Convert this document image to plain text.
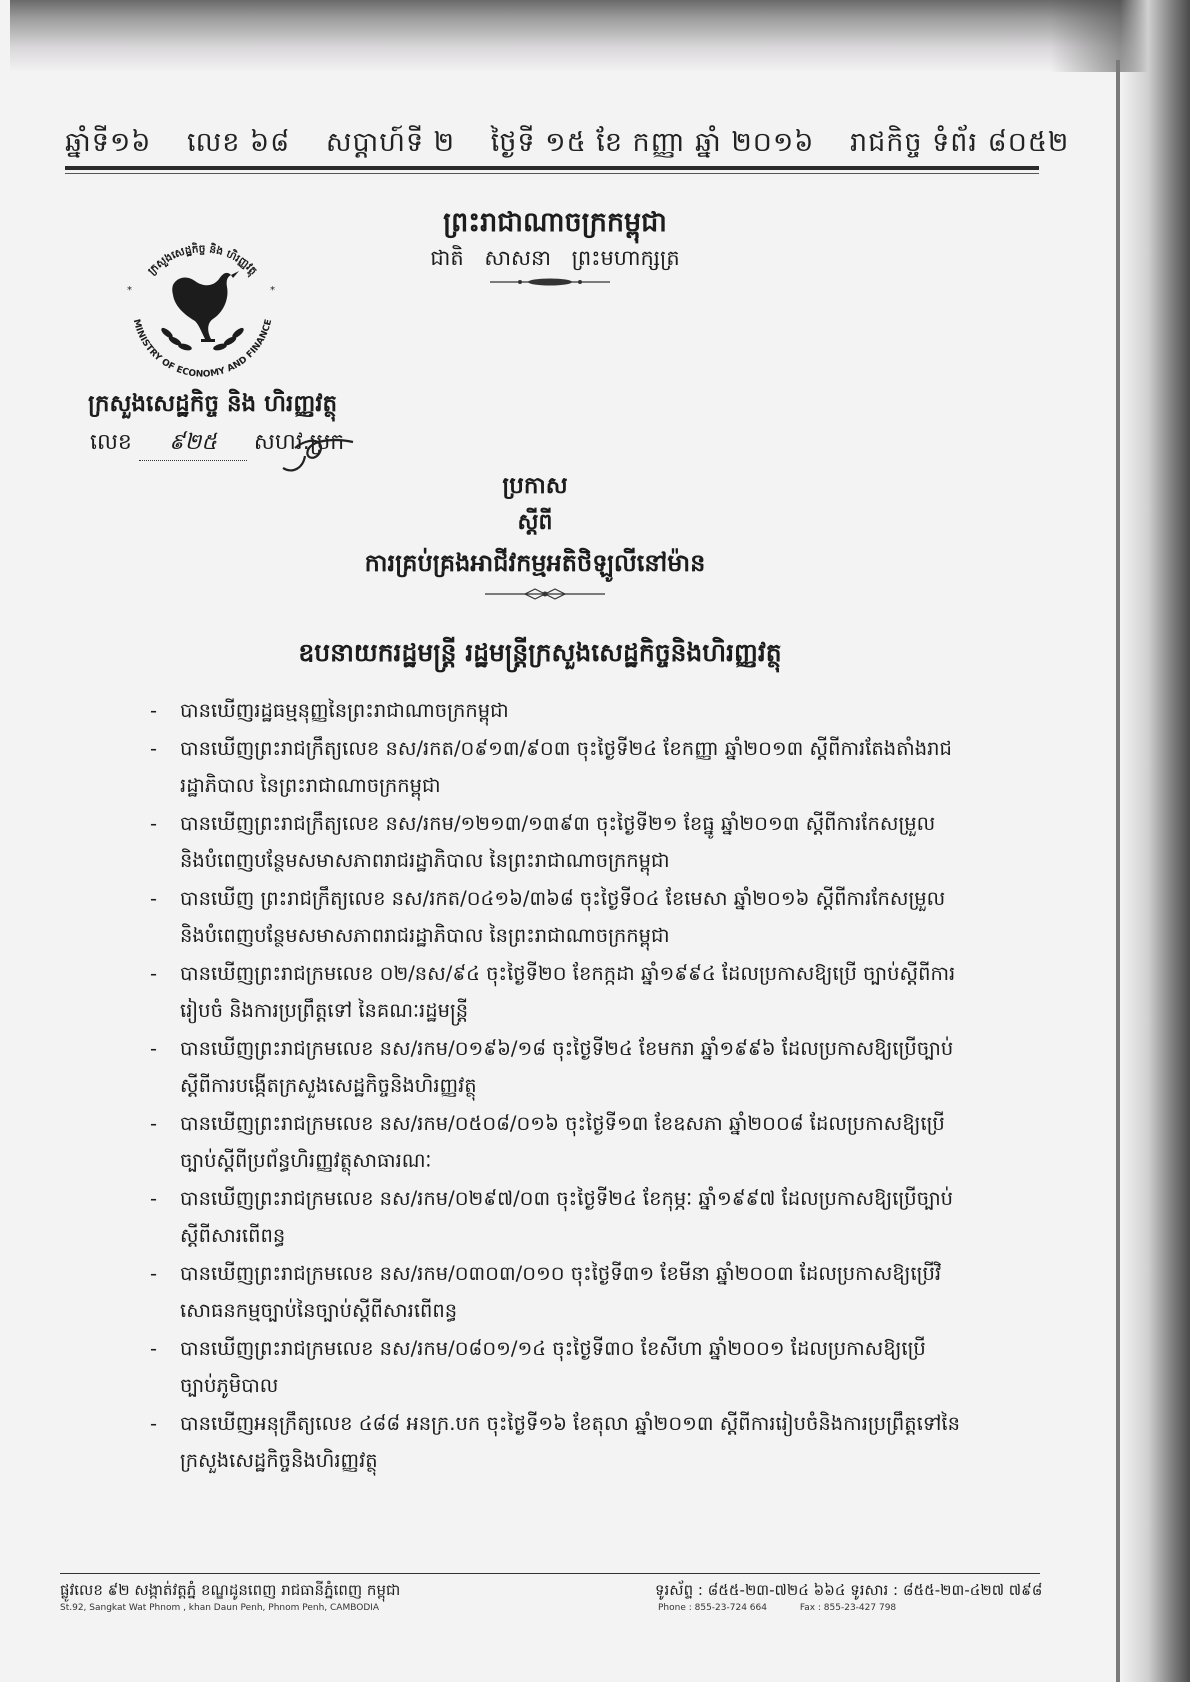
ឆ្នាំទី១៦ លេខ ៦៨ សប្តាហ៍ទី ២ ថ្ងៃទី ១៥ ខែ កញ្ញា ឆ្នាំ ២០១៦ រាជកិច្ច ទំព័រ ៨០៥២
ព្រះរាជាណាចក្រកម្ពុជា
ជាតិ សាសនា ព្រះមហាក្សត្រ
ក្រសួងសេដ្ឋកិច្ច និង ហិរញ្ញវត្ថុ
MINISTRY OF ECONOMY AND FINANCE
*	*
ក្រសួងសេដ្ឋកិច្ច និង ហិរញ្ញវត្ថុ
លេខ ៩២៥ សហវ.ប្រក
ប្រកាស
ស្តីពី
ការគ្រប់គ្រងអាជីវកម្មអតិថិឡូលីនៅម៉ាន
ឧបនាយករដ្ឋមន្ត្រី រដ្ឋមន្ត្រីក្រសួងសេដ្ឋកិច្ចនិងហិរញ្ញវត្ថុ
- បានឃើញរដ្ឋធម្មនុញ្ញនៃព្រះរាជាណាចក្រកម្ពុជា
- បានឃើញព្រះរាជក្រឹត្យលេខ នស/រកត/០៩១៣/៩០៣ ចុះថ្ងៃទី២៤ ខែកញ្ញា ឆ្នាំ២០១៣ ស្តីពីការតែងតាំងរាជរដ្ឋាភិបាល នៃព្រះរាជាណាចក្រកម្ពុជា
- បានឃើញព្រះរាជក្រឹត្យលេខ នស/រកម/១២១៣/១៣៩៣ ចុះថ្ងៃទី២១ ខែធ្នូ ឆ្នាំ២០១៣ ស្តីពីការកែសម្រួល និងបំពេញបន្ថែមសមាសភាពរាជរដ្ឋាភិបាល នៃព្រះរាជាណាចក្រកម្ពុជា
- បានឃើញ ព្រះរាជក្រឹត្យលេខ នស/រកត/០៤១៦/៣៦៨ ចុះថ្ងៃទី០៤ ខែមេសា ឆ្នាំ២០១៦ ស្តីពីការកែសម្រួលនិងបំពេញបន្ថែមសមាសភាពរាជរដ្ឋាភិបាល នៃព្រះរាជាណាចក្រកម្ពុជា
- បានឃើញព្រះរាជក្រមលេខ ០២/នស/៩៤ ចុះថ្ងៃទី២០ ខែកក្កដា ឆ្នាំ១៩៩៤ ដែលប្រកាសឱ្យប្រើ ច្បាប់ស្តីពីការរៀបចំ និងការប្រព្រឹត្តទៅ នៃគណៈរដ្ឋមន្ត្រី
- បានឃើញព្រះរាជក្រមលេខ នស/រកម/០១៩៦/១៨ ចុះថ្ងៃទី២៤ ខែមករា ឆ្នាំ១៩៩៦ ដែលប្រកាសឱ្យប្រើច្បាប់ស្តីពីការបង្កើតក្រសួងសេដ្ឋកិច្ចនិងហិរញ្ញវត្ថុ
- បានឃើញព្រះរាជក្រមលេខ នស/រកម/០៥០៨/០១៦ ចុះថ្ងៃទី១៣ ខែឧសភា ឆ្នាំ២០០៨ ដែលប្រកាសឱ្យប្រើច្បាប់ស្តីពីប្រព័ន្ធហិរញ្ញវត្ថុសាធារណៈ
- បានឃើញព្រះរាជក្រមលេខ នស/រកម/០២៩៧/០៣ ចុះថ្ងៃទី២៤ ខែកុម្ភៈ ឆ្នាំ១៩៩៧ ដែលប្រកាសឱ្យប្រើច្បាប់ស្តីពីសារពើពន្ធ
- បានឃើញព្រះរាជក្រមលេខ នស/រកម/០៣០៣/០១០ ចុះថ្ងៃទី៣១ ខែមីនា ឆ្នាំ២០០៣ ដែលប្រកាសឱ្យប្រើវិសោធនកម្មច្បាប់នៃច្បាប់ស្តីពីសារពើពន្ធ
- បានឃើញព្រះរាជក្រមលេខ នស/រកម/០៨០១/១៤ ចុះថ្ងៃទី៣០ ខែសីហា ឆ្នាំ២០០១ ដែលប្រកាសឱ្យប្រើច្បាប់ភូមិបាល
- បានឃើញអនុក្រឹត្យលេខ ៤៨៨ អនក្រ.បក ចុះថ្ងៃទី១៦ ខែតុលា ឆ្នាំ២០១៣ ស្តីពីការរៀបចំនិងការប្រព្រឹត្តទៅនៃក្រសួងសេដ្ឋកិច្ចនិងហិរញ្ញវត្ថុ
ផ្លូវលេខ ៩២ សង្កាត់វត្តភ្នំ ខណ្ឌដូនពេញ រាជធានីភ្នំពេញ កម្ពុជា
St.92, Sangkat Wat Phnom , khan Daun Penh, Phnom Penh, CAMBODIA
ទូរស័ព្ទ : ៨៥៥-២៣-៧២៤ ៦៦៤ ទូរសារ : ៨៥៥-២៣-៤២៧ ៧៩៨
Phone : 855-23-724 664	Fax : 855-23-427 798
